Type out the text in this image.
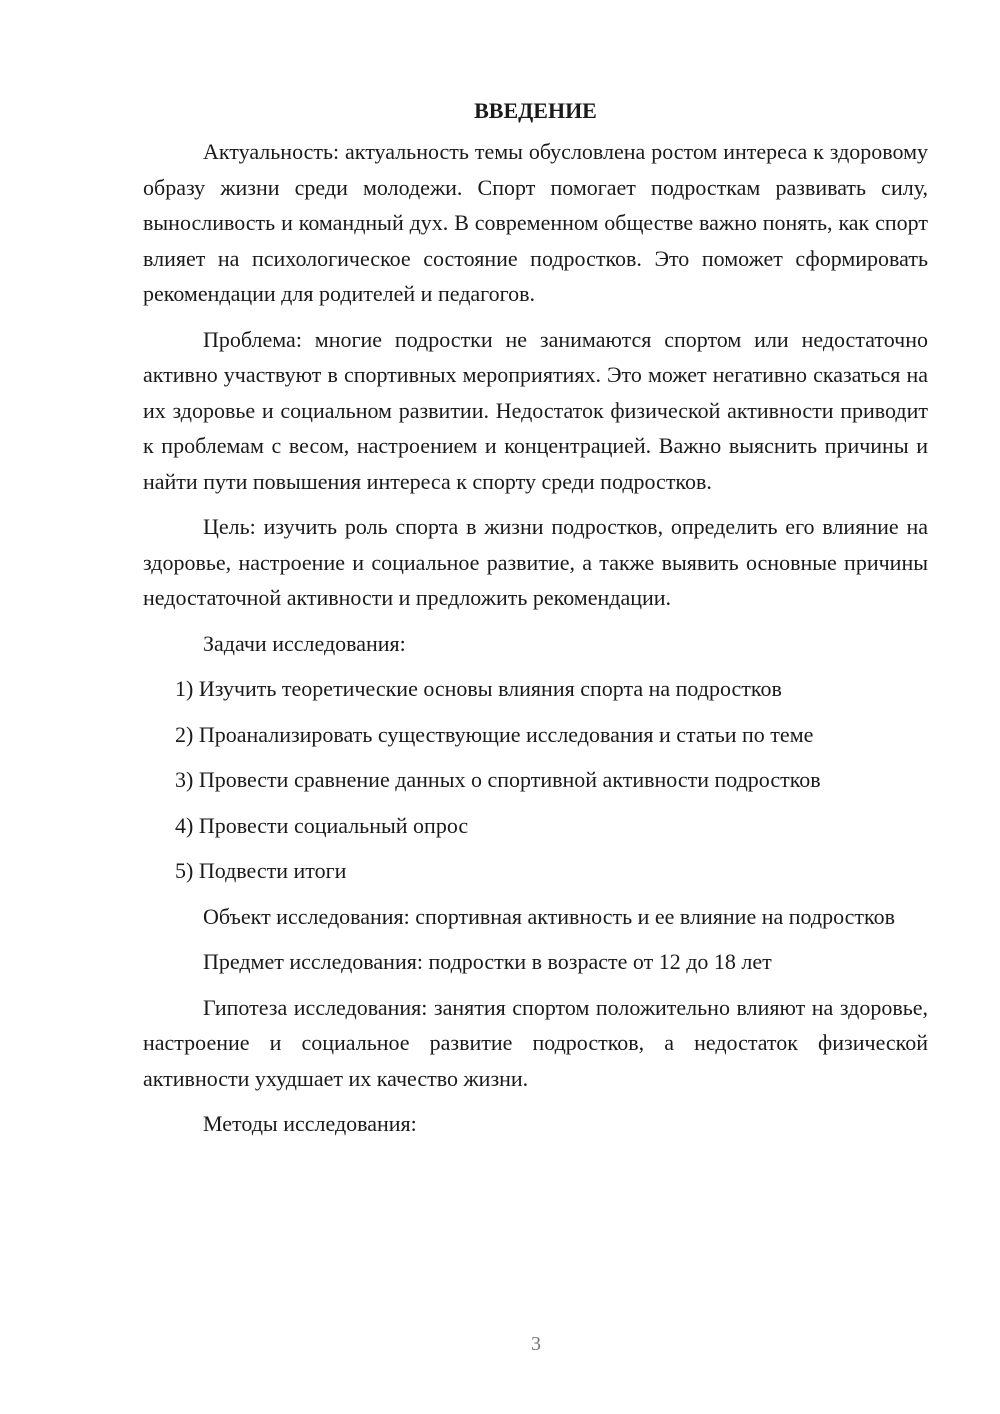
ВВЕДЕНИЕ

Актуальность: актуальность темы обусловлена ростом интереса к здоровому образу жизни среди молодежи. Спорт помогает подросткам развивать силу, выносливость и командный дух. В современном обществе важно понять, как спорт влияет на психологическое состояние подростков. Это поможет сформировать рекомендации для родителей и педагогов.

Проблема: многие подростки не занимаются спортом или недостаточно активно участвуют в спортивных мероприятиях. Это может негативно сказаться на их здоровье и социальном развитии. Недостаток физической активности приводит к проблемам с весом, настроением и концентрацией. Важно выяснить причины и найти пути повышения интереса к спорту среди подростков.

Цель: изучить роль спорта в жизни подростков, определить его влияние на здоровье, настроение и социальное развитие, а также выявить основные причины недостаточной активности и предложить рекомендации.

Задачи исследования:

1) Изучить теоретические основы влияния спорта на подростков
2) Проанализировать существующие исследования и статьи по теме
3) Провести сравнение данных о спортивной активности подростков
4) Провести социальный опрос
5) Подвести итоги

Объект исследования: спортивная активность и ее влияние на подростков

Предмет исследования: подростки в возрасте от 12 до 18 лет

Гипотеза исследования: занятия спортом положительно влияют на здоровье, настроение и социальное развитие подростков, а недостаток физической активности ухудшает их качество жизни.

Методы исследования:

3
